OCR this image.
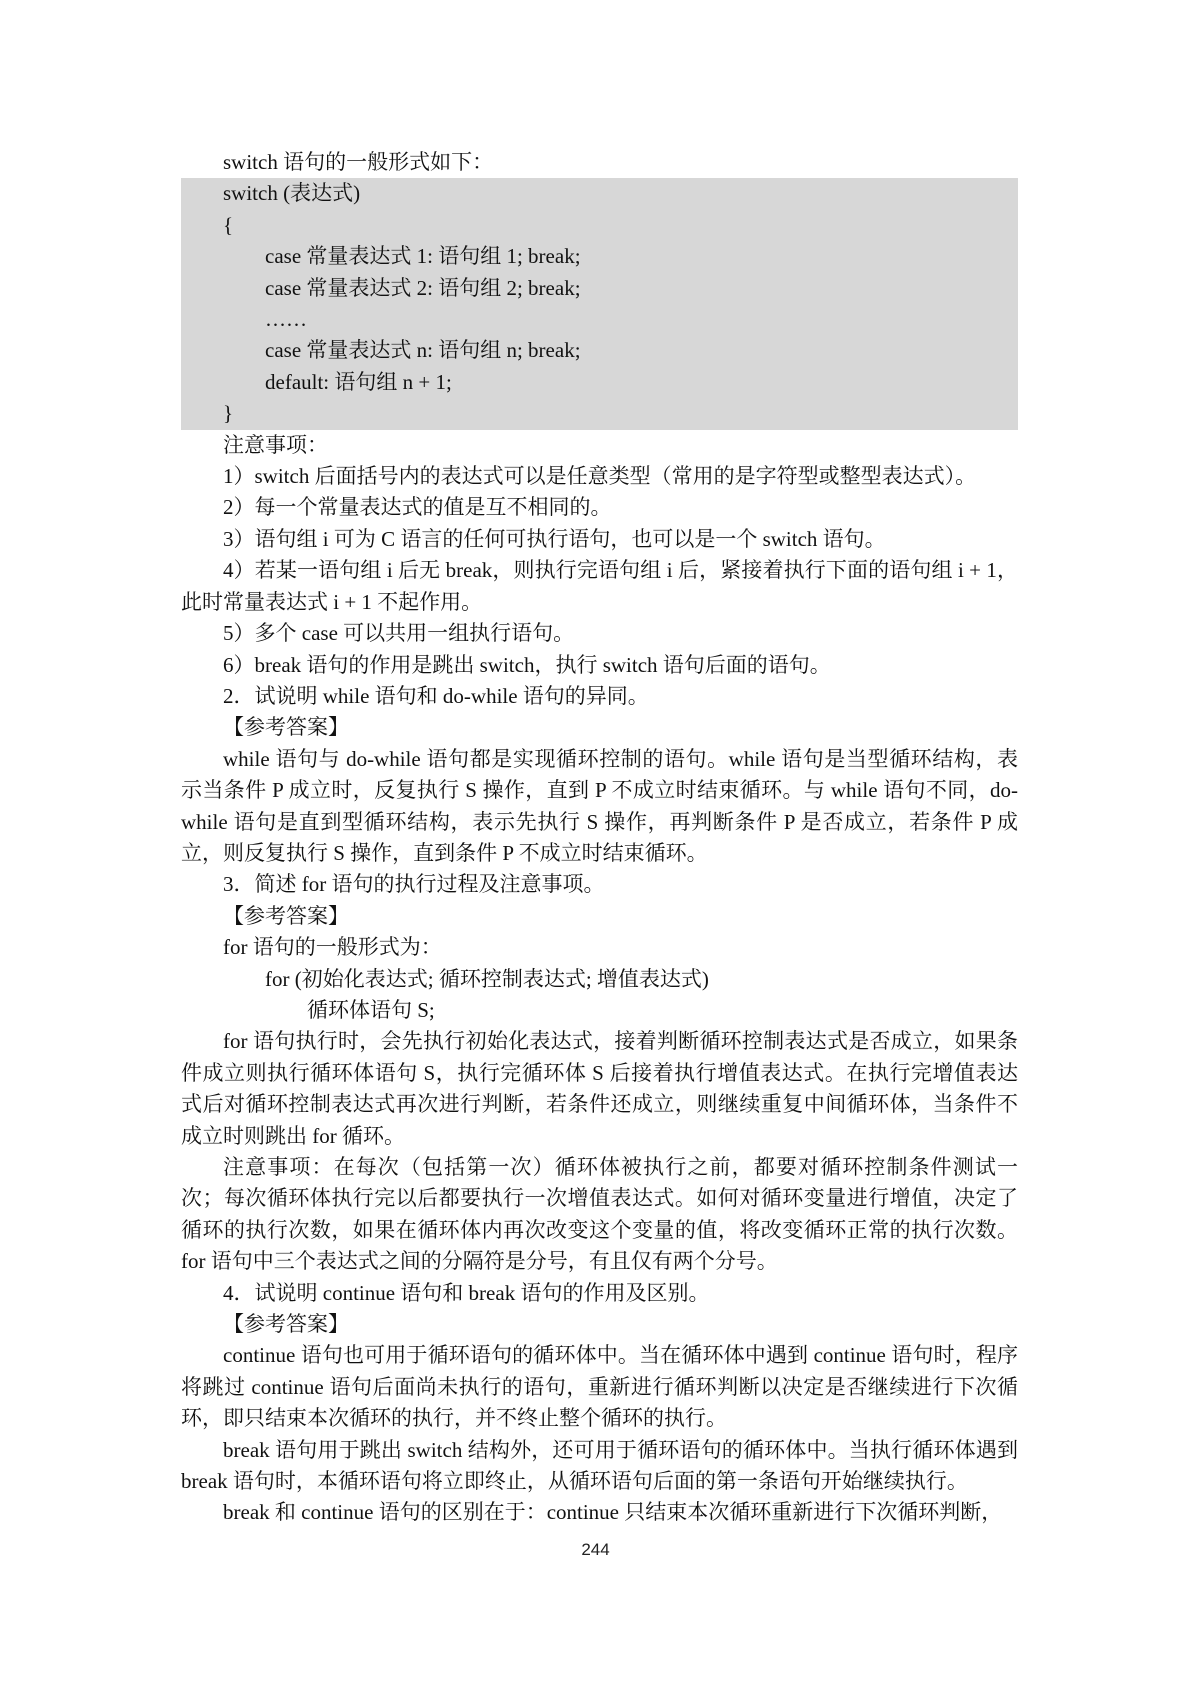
switch 语句的一般形式如下：

switch (表达式)

{

case 常量表达式 1: 语句组 1; break;

case 常量表达式 2: 语句组 2; break;

……

case 常量表达式 n: 语句组 n; break;

default: 语句组 n + 1;

}

注意事项：

1）switch 后面括号内的表达式可以是任意类型（常用的是字符型或整型表达式）。

2）每一个常量表达式的值是互不相同的。

3）语句组 i 可为 C 语言的任何可执行语句，也可以是一个 switch 语句。

4）若某一语句组 i 后无 break，则执行完语句组 i 后，紧接着执行下面的语句组 i + 1，此时常量表达式 i + 1 不起作用。

5）多个 case 可以共用一组执行语句。

6）break 语句的作用是跳出 switch，执行 switch 语句后面的语句。

2．试说明 while 语句和 do-while 语句的异同。

【参考答案】

while 语句与 do-while 语句都是实现循环控制的语句。while 语句是当型循环结构，表示当条件 P 成立时，反复执行 S 操作，直到 P 不成立时结束循环。与 while 语句不同，do-while 语句是直到型循环结构，表示先执行 S 操作，再判断条件 P 是否成立，若条件 P 成立，则反复执行 S 操作，直到条件 P 不成立时结束循环。

3．简述 for 语句的执行过程及注意事项。

【参考答案】

for 语句的一般形式为：

for (初始化表达式; 循环控制表达式; 增值表达式)

循环体语句 S;

for 语句执行时，会先执行初始化表达式，接着判断循环控制表达式是否成立，如果条件成立则执行循环体语句 S，执行完循环体 S 后接着执行增值表达式。在执行完增值表达式后对循环控制表达式再次进行判断，若条件还成立，则继续重复中间循环体，当条件不成立时则跳出 for 循环。

注意事项：在每次（包括第一次）循环体被执行之前，都要对循环控制条件测试一次；每次循环体执行完以后都要执行一次增值表达式。如何对循环变量进行增值，决定了循环的执行次数，如果在循环体内再次改变这个变量的值，将改变循环正常的执行次数。for 语句中三个表达式之间的分隔符是分号，有且仅有两个分号。

4．试说明 continue 语句和 break 语句的作用及区别。

【参考答案】

continue 语句也可用于循环语句的循环体中。当在循环体中遇到 continue 语句时，程序将跳过 continue 语句后面尚未执行的语句，重新进行循环判断以决定是否继续进行下次循环，即只结束本次循环的执行，并不终止整个循环的执行。

break 语句用于跳出 switch 结构外，还可用于循环语句的循环体中。当执行循环体遇到 break 语句时，本循环语句将立即终止，从循环语句后面的第一条语句开始继续执行。

break 和 continue 语句的区别在于：continue 只结束本次循环重新进行下次循环判断，

244
